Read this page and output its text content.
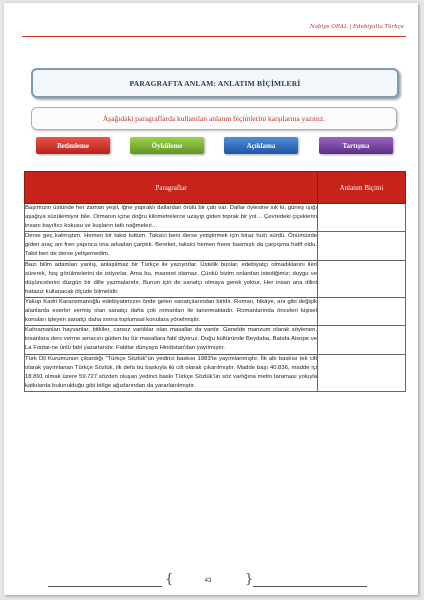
Nabiye ORAL | Edebiyatla Türkçe
PARAGRAFTA ANLAM: ANLATIM BİÇİMLERİ
Aşağıdaki paragraflarda kullanılan anlatım biçimlerini karşılarına yazınız.
Betimleme	Öyküleme	Açıklama	Tartışma
Paragraflar	Anlatım Biçimi
Başımızın üstünde her zaman yeşil, iğne yapraklı dallardan örülü bir çatı var. Dallar öylesine sık ki, güneş ışığı aşağıya süzülemiyor bile. Ormanın içine doğru kilometrelerce uzayıp giden toprak bir yol… Çevredeki çiçeklerin insanı bayıltıcı kokusu ve kuşların tatlı nağmeleri…	
Derse geç kalmıştım. Hemen bir taksi tuttum. Taksici beni derse yetiştirmek için biraz hızlı sürdü. Önümüzde giden araç ani fren yapınca ona arkadan çarptık. Bereket, taksici hemen frene basmıştı da çarpışma hafif oldu. Tabii ben de derse yetişemedim.	
Bazı bilim adamları yanlış, anlaşılmaz bir Türkçe ile yazıyorlar. Üstelik bunlar, edebiyatçı olmadıklarını ileri sürerek, hoş görülmelerini de istiyorlar. Ama bu, mazeret olamaz. Çünkü bizim onlardan istediğimiz; duygu ve düşüncelerini düzgün bir dille yazmalarıdır. Bunun için de sanatçı olmaya gerek yoktur. Her insan ana dilini hatasız kullanacak ölçüde bilmelidir.	
Yakup Kadri Karaosmanoğlu edebiyatımızın önde gelen sanatçılarından biridir. Roman, hikâye, anı gibi değişik alanlarda eserler vermiş olan sanatçı daha çok romanları ile tanınmaktadır. Romanlarında önceleri kişisel konuları işleyen sanatçı daha sonra toplumsal konulara yönelmiştir.	
Kahramanları hayvanlar, bitkiler, cansız varlıklar olan masallar da vardır. Genelde manzum olarak söylenen, insanlara ders verme amacını güden bu tür masallara fabl diyoruz. Doğu kültüründe Beydaba, Batıda Aisope ve La Fontai-ne ünlü fabl yazarlarıdır. Fabllar dünyaya Hindistan'dan yayılmıştır.	
Türk Dil Kurumunun çıkardığı "Türkçe Sözlük"ün yedinci baskısı 1983'te yayımlanmıştır. İlk altı baskısı tek cilt olarak yayımlanan Türkçe Sözlük, ilk defa bu baskıyla iki cilt olarak çıkarılmıştır. Madde başı 40.836, madde içi 18.891 olmak üzere 59.727 sözden oluşan yedinci baskı Türkçe Sözlük'ün söz varlığına metin taraması yoluyla katkılarda bulunulduğu gibi bölge ağızlarından da yararlanılmıştır.	
{	43	}
